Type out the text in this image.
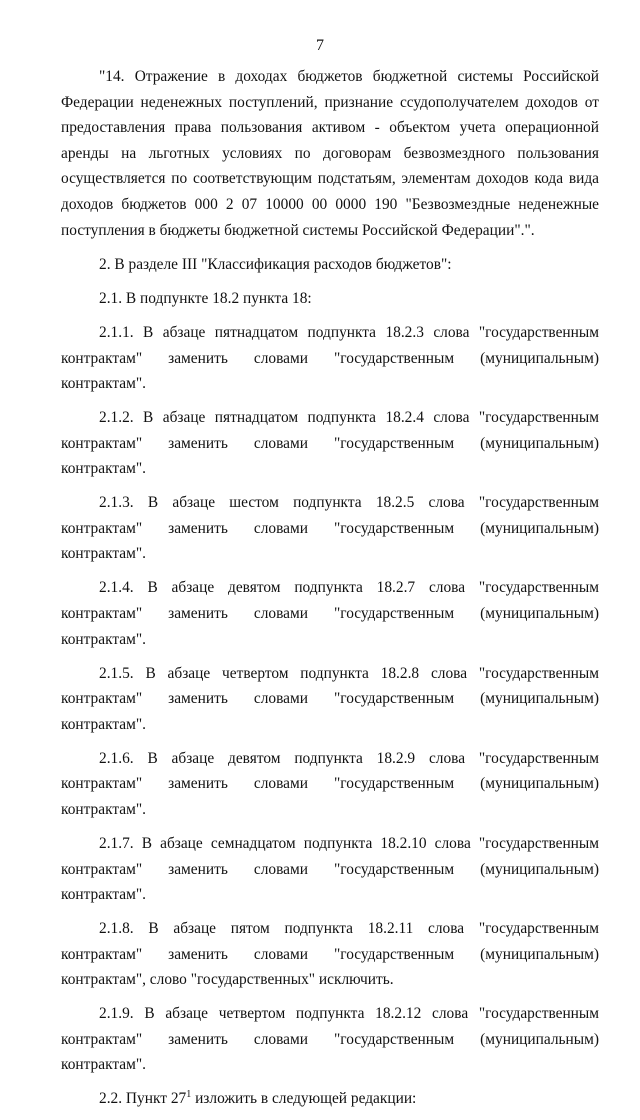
7

"14. Отражение в доходах бюджетов бюджетной системы Российской Федерации неденежных поступлений, признание ссудополучателем доходов от предоставления права пользования активом - объектом учета операционной аренды на льготных условиях по договорам безвозмездного пользования осуществляется по соответствующим подстатьям, элементам доходов кода вида доходов бюджетов 000 2 07 10000 00 0000 190 "Безвозмездные неденежные поступления в бюджеты бюджетной системы Российской Федерации".".

2. В разделе III "Классификация расходов бюджетов":

2.1. В подпункте 18.2 пункта 18:

2.1.1. В абзаце пятнадцатом подпункта 18.2.3 слова "государственным контрактам" заменить словами "государственным (муниципальным) контрактам".

2.1.2. В абзаце пятнадцатом подпункта 18.2.4 слова "государственным контрактам" заменить словами "государственным (муниципальным) контрактам".

2.1.3. В абзаце шестом подпункта 18.2.5 слова "государственным контрактам" заменить словами "государственным (муниципальным) контрактам".

2.1.4. В абзаце девятом подпункта 18.2.7 слова "государственным контрактам" заменить словами "государственным (муниципальным) контрактам".

2.1.5. В абзаце четвертом подпункта 18.2.8 слова "государственным контрактам" заменить словами "государственным (муниципальным) контрактам".

2.1.6. В абзаце девятом подпункта 18.2.9 слова "государственным контрактам" заменить словами "государственным (муниципальным) контрактам".

2.1.7. В абзаце семнадцатом подпункта 18.2.10 слова "государственным контрактам" заменить словами "государственным (муниципальным) контрактам".

2.1.8. В абзаце пятом подпункта 18.2.11 слова "государственным контрактам" заменить словами "государственным (муниципальным) контрактам", слово "государственных" исключить.

2.1.9. В абзаце четвертом подпункта 18.2.12 слова "государственным контрактам" заменить словами "государственным (муниципальным) контрактам".

2.2. Пункт $27^1$ изложить в следующей редакции:
